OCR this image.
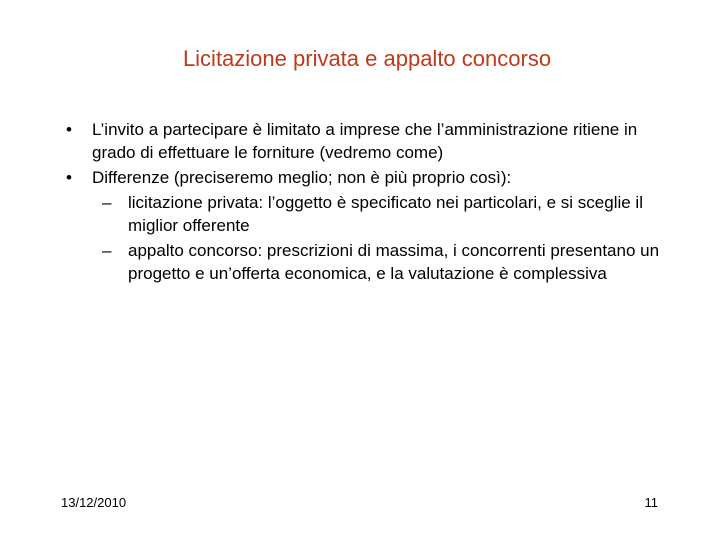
Licitazione privata e appalto concorso
• L’invito a partecipare è limitato a imprese che l’amministrazione ritiene in grado di effettuare le forniture (vedremo come)
• Differenze (preciseremo meglio; non è più proprio così):
– licitazione privata: l’oggetto è specificato nei particolari, e si sceglie il miglior offerente
– appalto concorso: prescrizioni di massima, i concorrenti presentano un progetto e un’offerta economica, e la valutazione è complessiva
13/12/2010	11
